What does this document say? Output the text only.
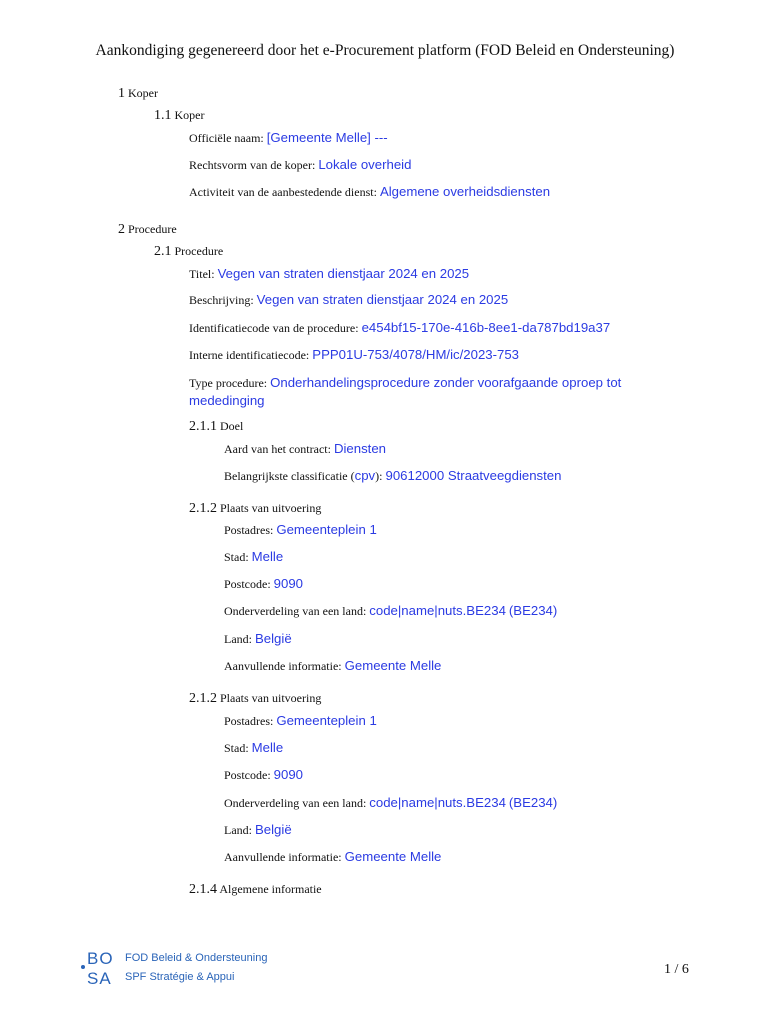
Aankondiging gegenereerd door het e-Procurement platform (FOD Beleid en Ondersteuning)
1 Koper
1.1 Koper
Officiële naam: [Gemeente Melle] ---
Rechtsvorm van de koper: Lokale overheid
Activiteit van de aanbestedende dienst: Algemene overheidsdiensten
2 Procedure
2.1 Procedure
Titel: Vegen van straten dienstjaar 2024 en 2025
Beschrijving: Vegen van straten dienstjaar 2024 en 2025
Identificatiecode van de procedure: e454bf15-170e-416b-8ee1-da787bd19a37
Interne identificatiecode: PPP01U-753/4078/HM/ic/2023-753
Type procedure: Onderhandelingsprocedure zonder voorafgaande oproep tot mededinging
2.1.1 Doel
Aard van het contract: Diensten
Belangrijkste classificatie (cpv): 90612000 Straatveegdiensten
2.1.2 Plaats van uitvoering
Postadres: Gemeenteplein 1
Stad: Melle
Postcode: 9090
Onderverdeling van een land: code|name|nuts.BE234 (BE234)
Land: België
Aanvullende informatie: Gemeente Melle
2.1.2 Plaats van uitvoering
Postadres: Gemeenteplein 1
Stad: Melle
Postcode: 9090
Onderverdeling van een land: code|name|nuts.BE234 (BE234)
Land: België
Aanvullende informatie: Gemeente Melle
2.1.4 Algemene informatie
BO
SA
FOD Beleid & Ondersteuning
SPF Stratégie & Appui	1 / 6
